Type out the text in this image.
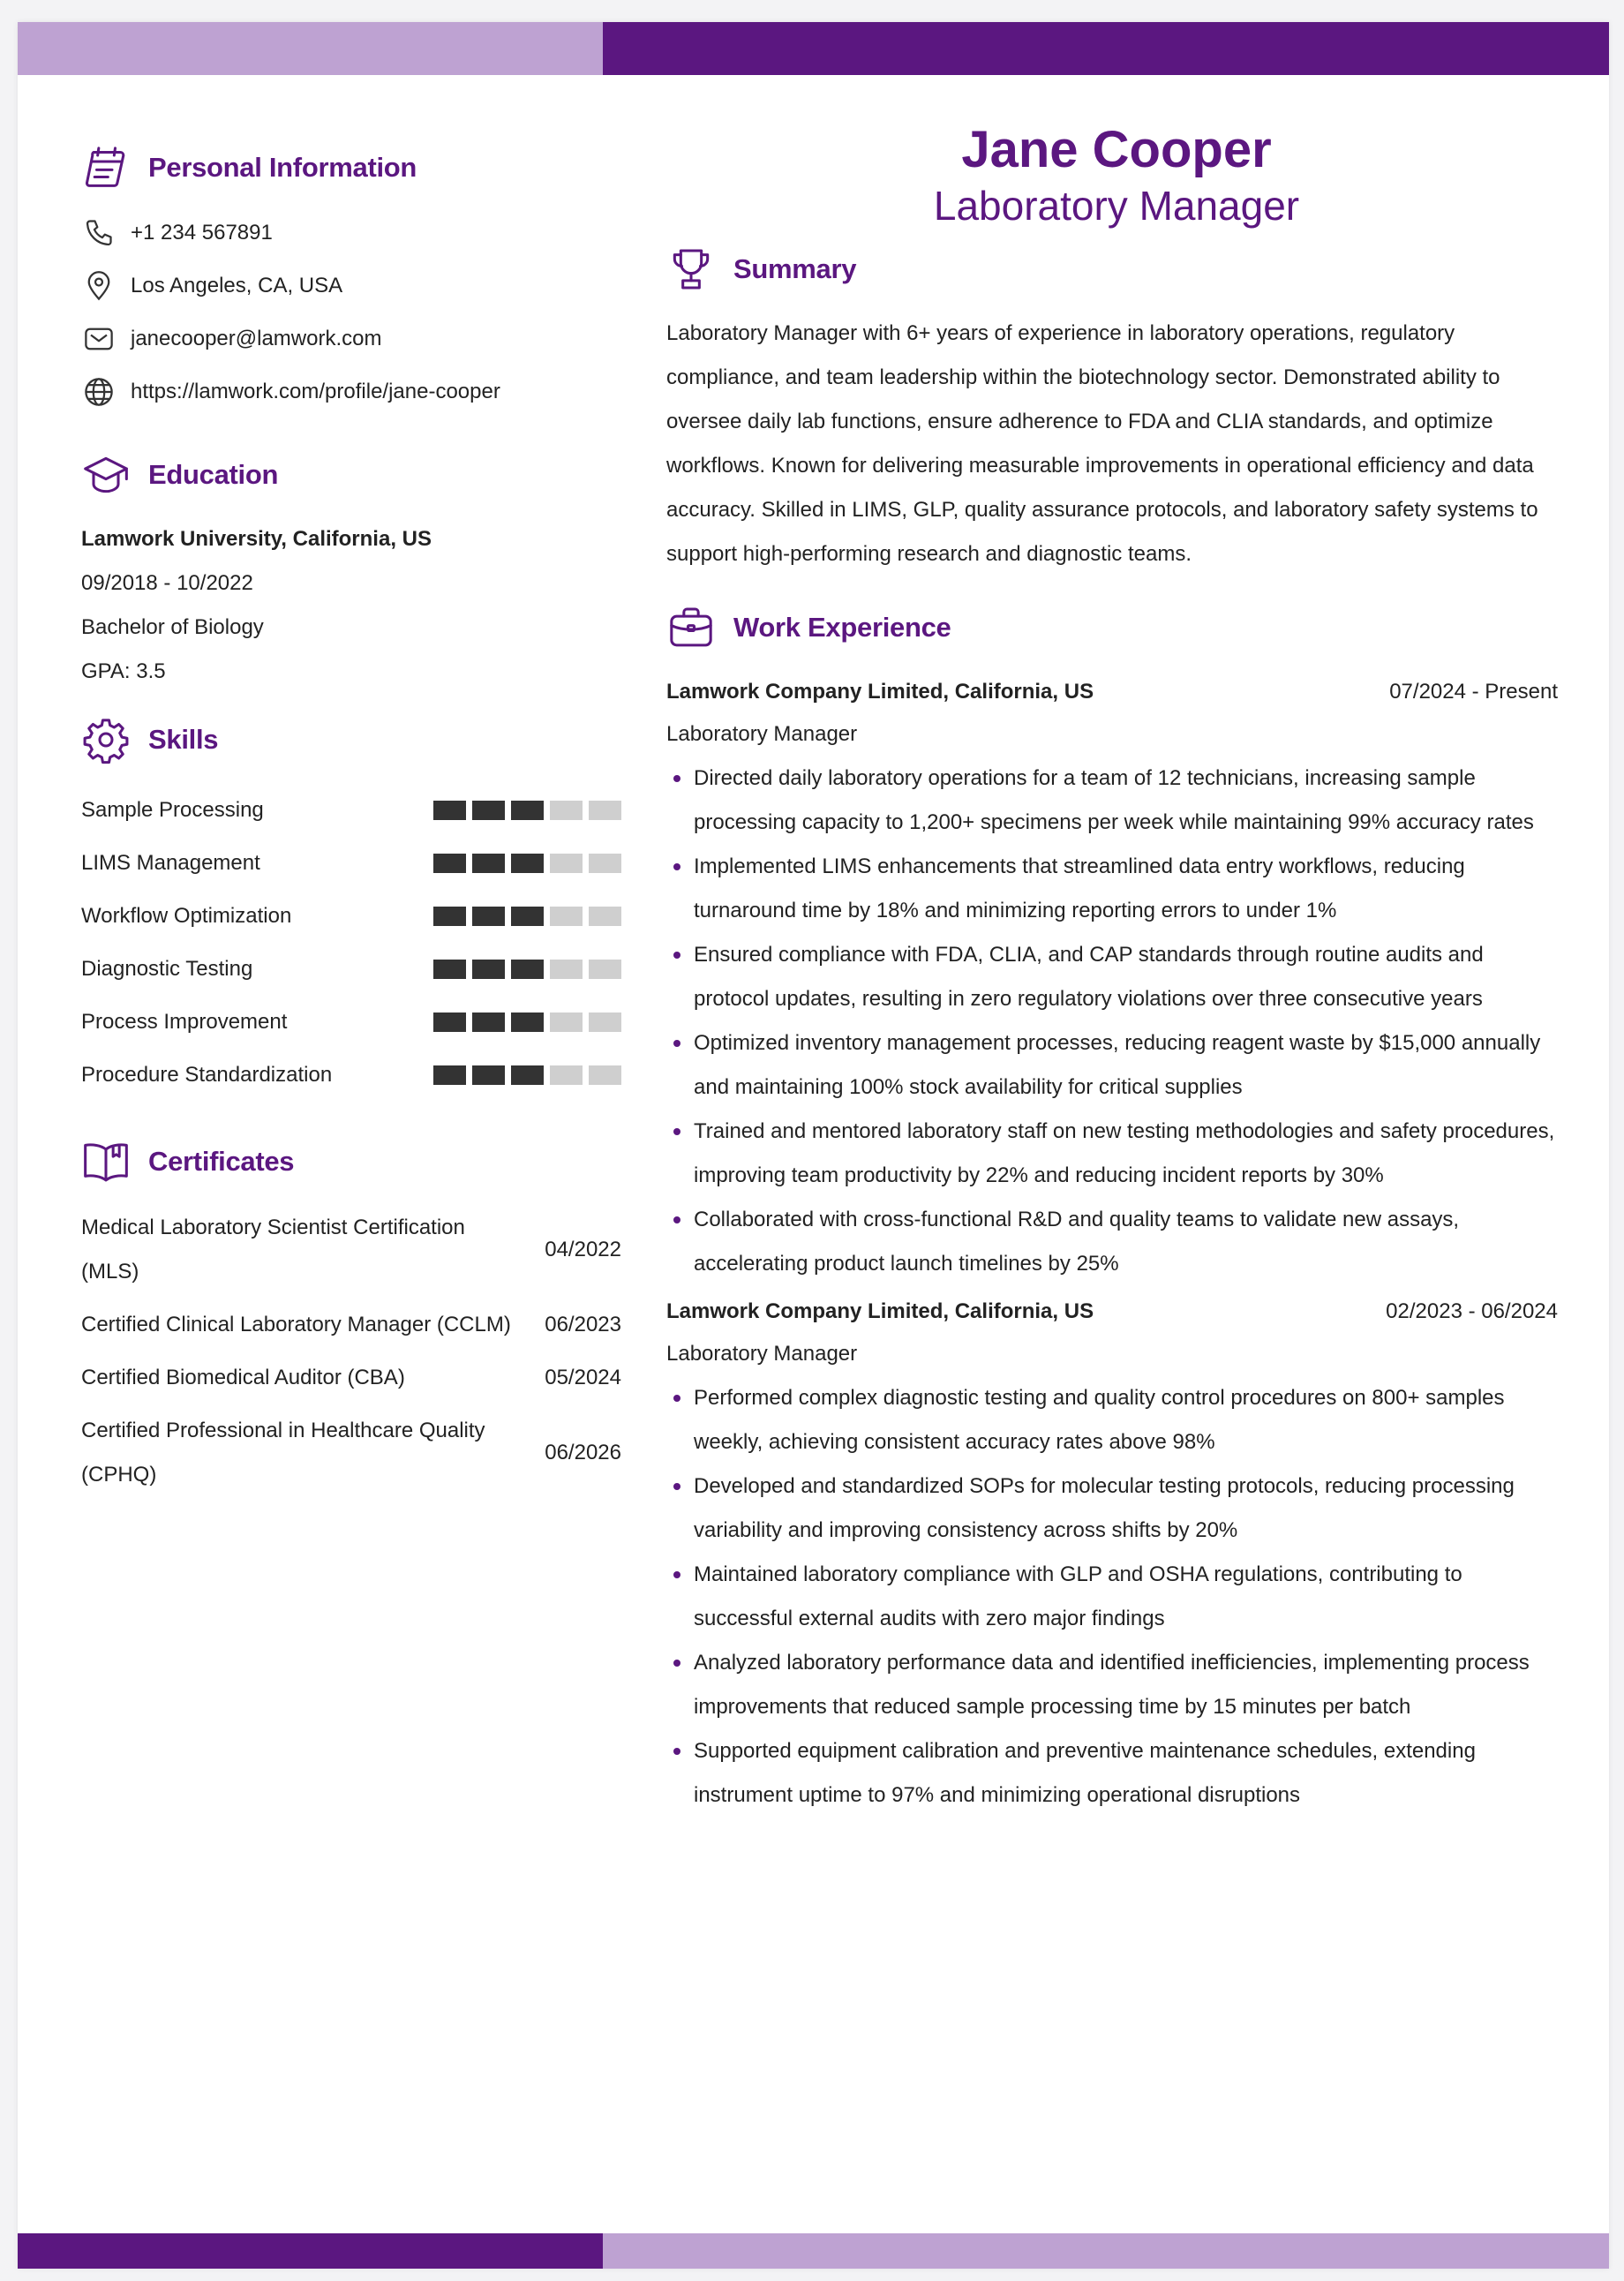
Personal Information
+1 234 567891
Los Angeles, CA, USA
janecooper@lamwork.com
https://lamwork.com/profile/jane-cooper
Education
Lamwork University, California, US
09/2018 - 10/2022
Bachelor of Biology
GPA: 3.5
Skills
Sample Processing
LIMS Management
Workflow Optimization
Diagnostic Testing
Process Improvement
Procedure Standardization
Certificates
Medical Laboratory Scientist Certification (MLS)
04/2022
Certified Clinical Laboratory Manager (CCLM)	06/2023
Certified Biomedical Auditor (CBA)	05/2024
Certified Professional in Healthcare Quality (CPHQ)
06/2026
Jane Cooper
Laboratory Manager
Summary
Laboratory Manager with 6+ years of experience in laboratory operations, regulatory compliance, and team leadership within the biotechnology sector. Demonstrated ability to oversee daily lab functions, ensure adherence to FDA and CLIA standards, and optimize workflows. Known for delivering measurable improvements in operational efficiency and data accuracy. Skilled in LIMS, GLP, quality assurance protocols, and laboratory safety systems to support high-performing research and diagnostic teams.
Work Experience
Lamwork Company Limited, California, US	07/2024 - Present
Laboratory Manager
Directed daily laboratory operations for a team of 12 technicians, increasing sample processing capacity to 1,200+ specimens per week while maintaining 99% accuracy rates
Implemented LIMS enhancements that streamlined data entry workflows, reducing turnaround time by 18% and minimizing reporting errors to under 1%
Ensured compliance with FDA, CLIA, and CAP standards through routine audits and protocol updates, resulting in zero regulatory violations over three consecutive years
Optimized inventory management processes, reducing reagent waste by $15,000 annually and maintaining 100% stock availability for critical supplies
Trained and mentored laboratory staff on new testing methodologies and safety procedures, improving team productivity by 22% and reducing incident reports by 30%
Collaborated with cross-functional R&D and quality teams to validate new assays, accelerating product launch timelines by 25%
Lamwork Company Limited, California, US	02/2023 - 06/2024
Laboratory Manager
Performed complex diagnostic testing and quality control procedures on 800+ samples weekly, achieving consistent accuracy rates above 98%
Developed and standardized SOPs for molecular testing protocols, reducing processing variability and improving consistency across shifts by 20%
Maintained laboratory compliance with GLP and OSHA regulations, contributing to successful external audits with zero major findings
Analyzed laboratory performance data and identified inefficiencies, implementing process improvements that reduced sample processing time by 15 minutes per batch
Supported equipment calibration and preventive maintenance schedules, extending instrument uptime to 97% and minimizing operational disruptions
